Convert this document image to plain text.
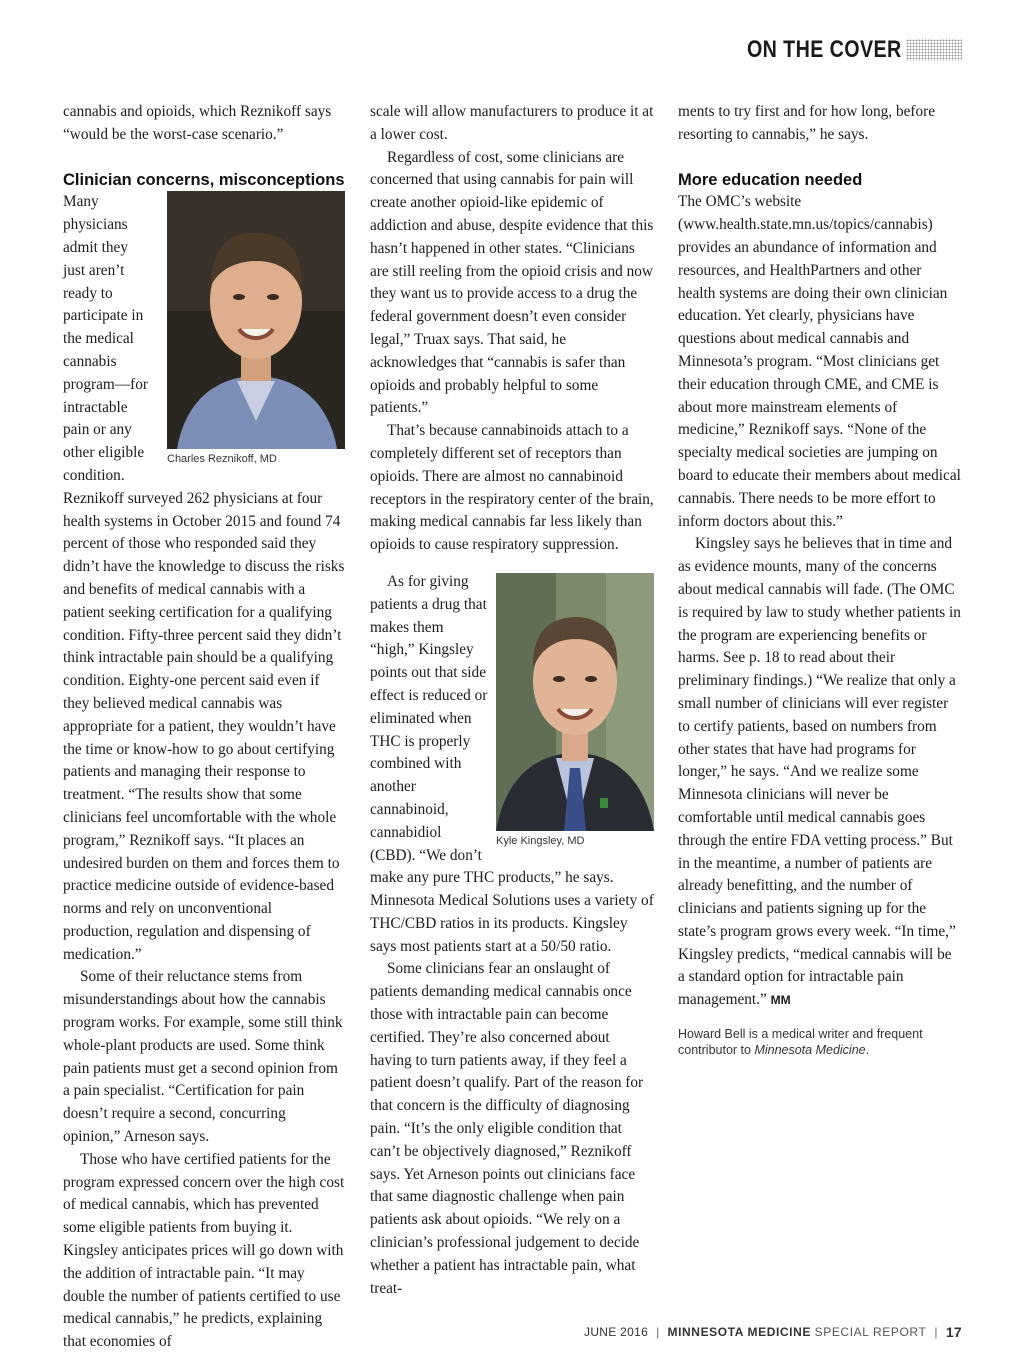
ON THE COVER

cannabis and opioids, which Reznikoff says “would be the worst-case scenario.”

Clinician concerns, misconceptions
Charles Reznikoff, MD

Many physicians admit they just aren’t ready to participate in the medical cannabis program—for intractable pain or any other eligible condition. Reznikoff surveyed 262 physicians at four health systems in October 2015 and found 74 percent of those who responded said they didn’t have the knowledge to discuss the risks and benefits of medical cannabis with a patient seeking certification for a qualifying condition. Fifty-three percent said they didn’t think intractable pain should be a qualifying condition. Eighty-one percent said even if they believed medical cannabis was appropriate for a patient, they wouldn’t have the time or know-how to go about certifying patients and managing their response to treatment. “The results show that some clinicians feel uncomfortable with the whole program,” Reznikoff says. “It places an undesired burden on them and forces them to practice medicine outside of evidence-based norms and rely on unconventional production, regulation and dispensing of medication.”

Some of their reluctance stems from misunderstandings about how the cannabis program works. For example, some still think whole-plant products are used. Some think pain patients must get a second opinion from a pain specialist. “Certification for pain doesn’t require a second, concurring opinion,” Arneson says.

Those who have certified patients for the program expressed concern over the high cost of medical cannabis, which has prevented some eligible patients from buying it. Kingsley anticipates prices will go down with the addition of intractable pain. “It may double the number of patients certified to use medical cannabis,” he predicts, explaining that economies of

scale will allow manufacturers to produce it at a lower cost.

Regardless of cost, some clinicians are concerned that using cannabis for pain will create another opioid-like epidemic of addiction and abuse, despite evidence that this hasn’t happened in other states. “Clinicians are still reeling from the opioid crisis and now they want us to provide access to a drug the federal government doesn’t even consider legal,” Truax says. That said, he acknowledges that “cannabis is safer than opioids and probably helpful to some patients.”

That’s because cannabinoids attach to a completely different set of receptors than opioids. There are almost no cannabinoid receptors in the respiratory center of the brain, making medical cannabis far less likely than opioids to cause respiratory suppression.

Kyle Kingsley, MD

As for giving patients a drug that makes them “high,” Kingsley points out that side effect is reduced or eliminated when THC is properly combined with another cannabinoid, cannabidiol (CBD). “We don’t make any pure THC products,” he says. Minnesota Medical Solutions uses a variety of THC/CBD ratios in its products. Kingsley says most patients start at a 50/50 ratio.

Some clinicians fear an onslaught of patients demanding medical cannabis once those with intractable pain can become certified. They’re also concerned about having to turn patients away, if they feel a patient doesn’t qualify. Part of the reason for that concern is the difficulty of diagnosing pain. “It’s the only eligible condition that can’t be objectively diagnosed,” Reznikoff says. Yet Arneson points out clinicians face that same diagnostic challenge when pain patients ask about opioids. “We rely on a clinician’s professional judgement to decide whether a patient has intractable pain, what treat-

ments to try first and for how long, before resorting to cannabis,” he says.

More education needed

The OMC’s website (www.health.state.mn.us/topics/cannabis) provides an abundance of information and resources, and HealthPartners and other health systems are doing their own clinician education. Yet clearly, physicians have questions about medical cannabis and Minnesota’s program. “Most clinicians get their education through CME, and CME is about more mainstream elements of medicine,” Reznikoff says. “None of the specialty medical societies are jumping on board to educate their members about medical cannabis. There needs to be more effort to inform doctors about this.”

Kingsley says he believes that in time and as evidence mounts, many of the concerns about medical cannabis will fade. (The OMC is required by law to study whether patients in the program are experiencing benefits or harms. See p. 18 to read about their preliminary findings.) “We realize that only a small number of clinicians will ever register to certify patients, based on numbers from other states that have had programs for longer,” he says. “And we realize some Minnesota clinicians will never be comfortable until medical cannabis goes through the entire FDA vetting process.” But in the meantime, a number of patients are already benefitting, and the number of clinicians and patients signing up for the state’s program grows every week. “In time,” Kingsley predicts, “medical cannabis will be a standard option for intractable pain management.” MM

Howard Bell is a medical writer and frequent contributor to Minnesota Medicine.
JUNE 2016 | MINNESOTA MEDICINE SPECIAL REPORT | 17
